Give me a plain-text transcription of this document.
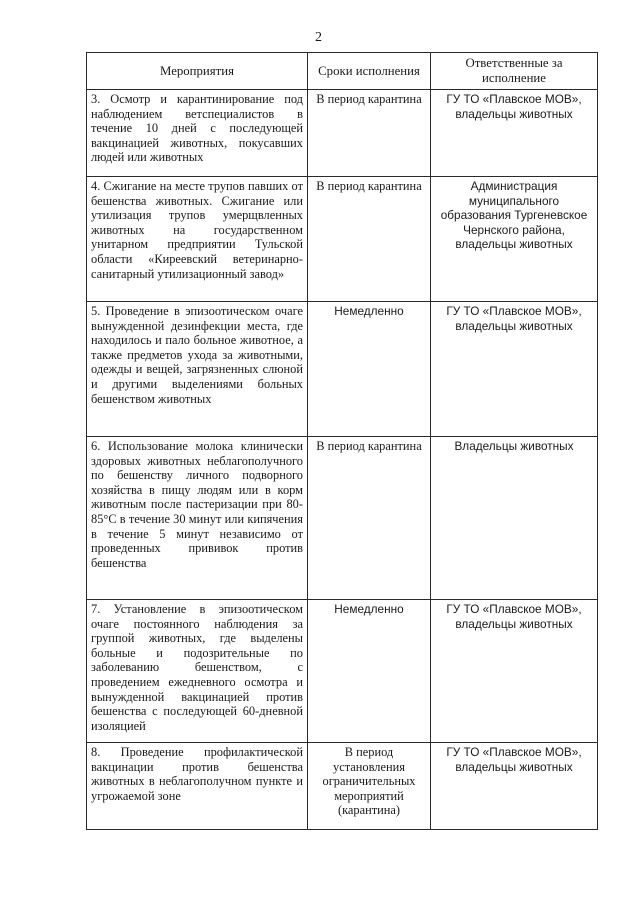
2
Мероприятия	Сроки исполнения	Ответственные за исполнение
3. Осмотр и карантинирование под наблюдением ветспециалистов в течение 10 дней с последующей вакцинацией животных, покусавших людей или животных	В период карантина	ГУ ТО «Плавское МОВ», владельцы животных
4. Сжигание на месте трупов павших от бешенства животных. Сжигание или утилизация трупов умерщвленных животных на государственном унитарном предприятии Тульской области «Киреевский ветеринарно-санитарный утилизационный завод»	В период карантина	Администрация муниципального образования Тургеневское Чернского района, владельцы животных
5. Проведение в эпизоотическом очаге вынужденной дезинфекции места, где находилось и пало больное животное, а также предметов ухода за животными, одежды и вещей, загрязненных слюной и другими выделениями больных бешенством животных	Немедленно	ГУ ТО «Плавское МОВ», владельцы животных
6. Использование молока клинически здоровых животных неблагополучного по бешенству личного подворного хозяйства в пищу людям или в корм животным после пастеризации при 80-85°С в течение 30 минут или кипячения в течение 5 минут независимо от проведенных прививок против бешенства	В период карантина	Владельцы животных
7. Установление в эпизоотическом очаге постоянного наблюдения за группой животных, где выделены больные и подозрительные по заболеванию бешенством, с проведением ежедневного осмотра и вынужденной вакцинацией против бешенства с последующей 60-дневной изоляцией	Немедленно	ГУ ТО «Плавское МОВ», владельцы животных
8. Проведение профилактической вакцинации против бешенства животных в неблагополучном пункте и угрожаемой зоне	В период установления ограничительных мероприятий (карантина)	ГУ ТО «Плавское МОВ», владельцы животных
